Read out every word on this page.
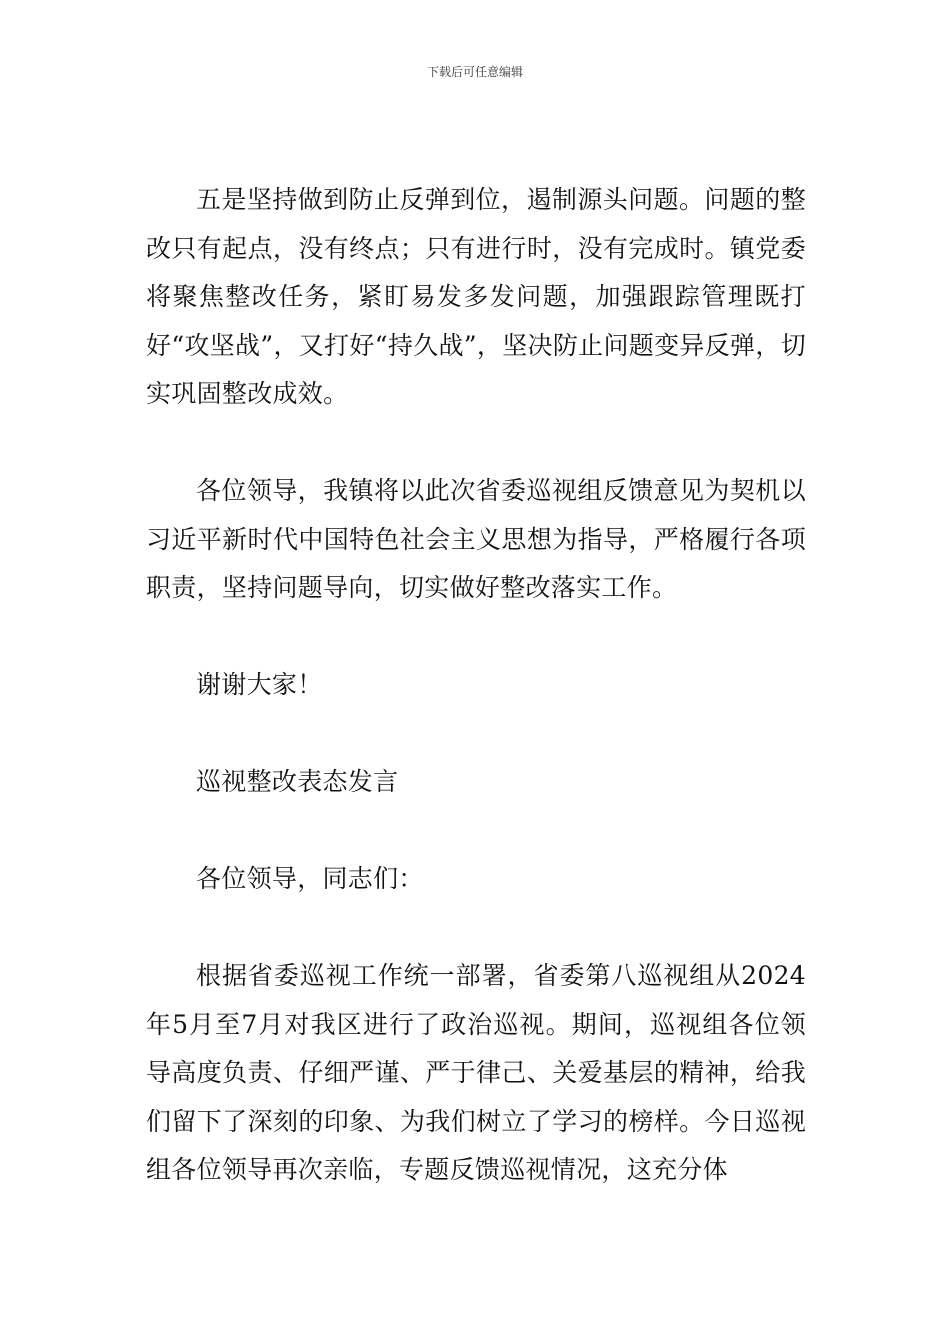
下载后可任意编辑

五是坚持做到防止反弹到位，遏制源头问题。问题的整改只有起点，没有终点；只有进行时，没有完成时。镇党委将聚焦整改任务，紧盯易发多发问题，加强跟踪管理既打好“攻坚战”，又打好“持久战”，坚决防止问题变异反弹，切实巩固整改成效。

各位领导，我镇将以此次省委巡视组反馈意见为契机以习近平新时代中国特色社会主义思想为指导，严格履行各项职责，坚持问题导向，切实做好整改落实工作。

谢谢大家！

巡视整改表态发言

各位领导，同志们：

根据省委巡视工作统一部署，省委第八巡视组从2024年5月至7月对我区进行了政治巡视。期间，巡视组各位领导高度负责、仔细严谨、严于律己、关爱基层的精神，给我们留下了深刻的印象、为我们树立了学习的榜样。今日巡视组各位领导再次亲临，专题反馈巡视情况，这充分体
